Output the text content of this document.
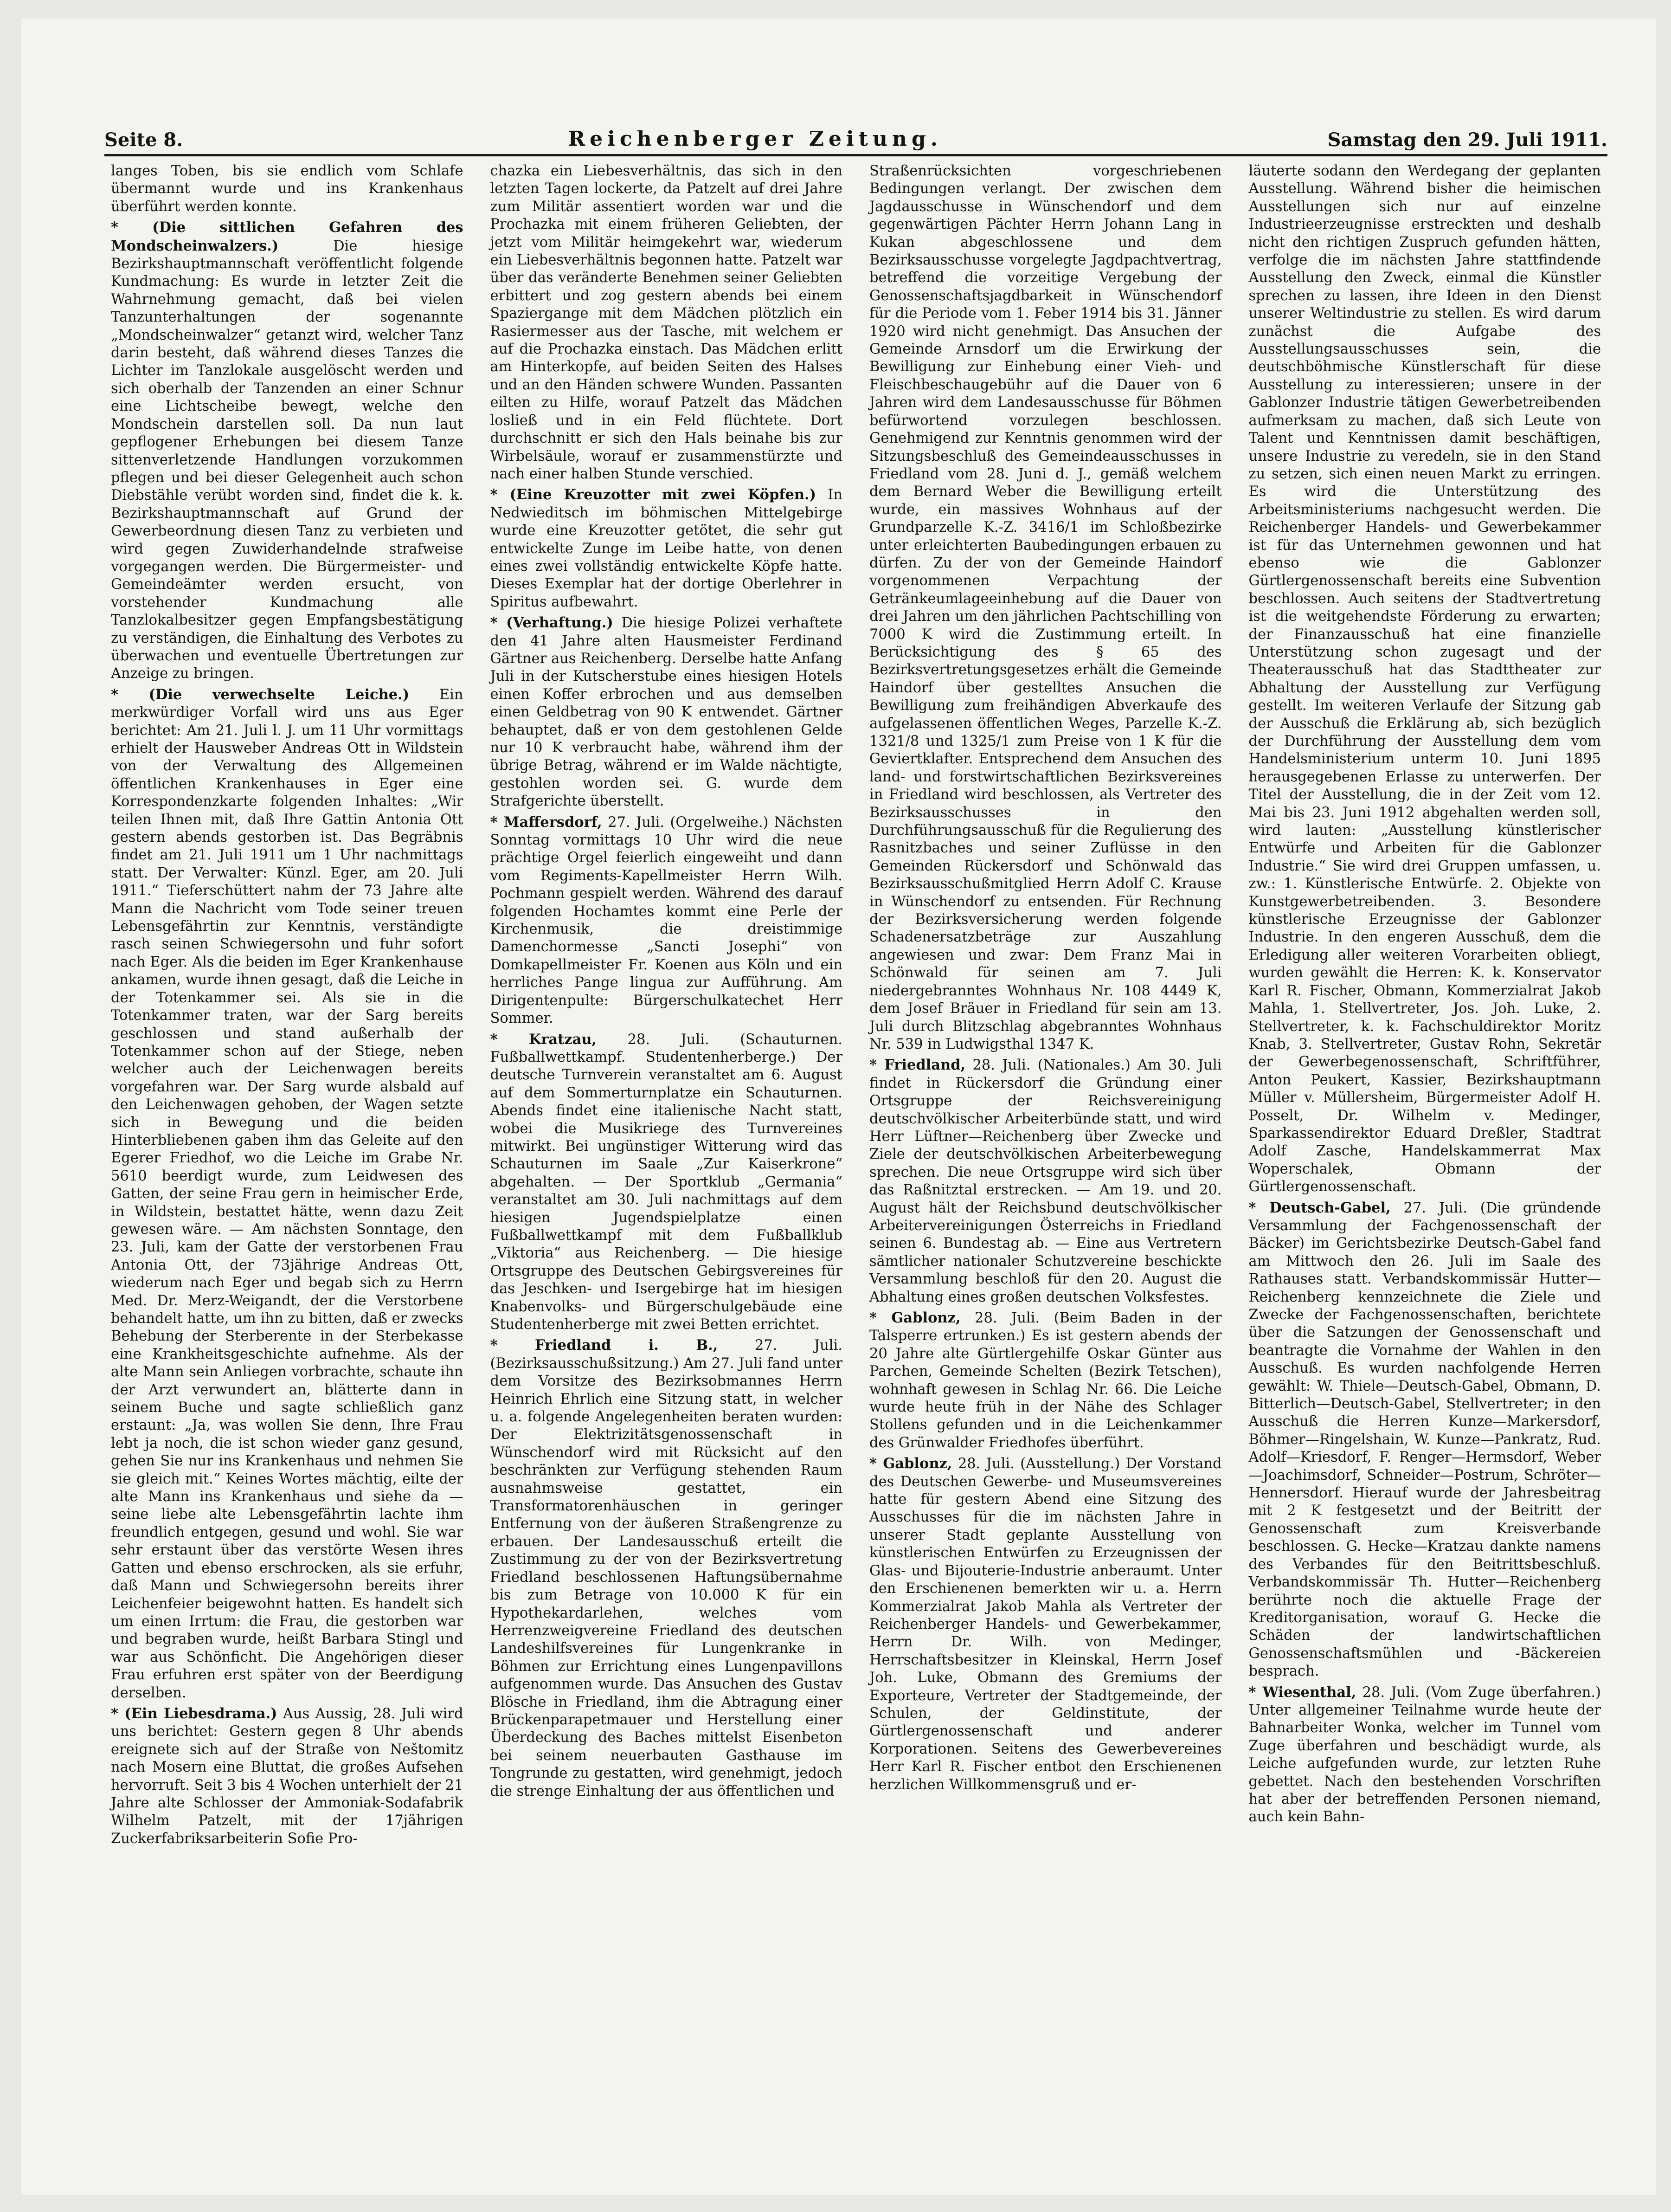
Seite 8.	Reichenberger Zeitung.	Samstag den 29. Juli 1911.

langes Toben, bis sie endlich vom Schlafe übermannt wurde und ins Krankenhaus überführt werden konnte.

* (Die sittlichen Gefahren des Mondscheinwalzers.)	Die hiesige Bezirkshauptmannschaft veröffentlicht folgende Kundmachung: Es wurde in letzter Zeit die Wahrnehmung gemacht, daß bei vielen Tanzunterhaltungen der sogenannte „Mondscheinwalzer“ getanzt wird, welcher Tanz darin besteht, daß während dieses Tanzes die Lichter im Tanzlokale ausgelöscht werden und sich oberhalb der Tanzenden an einer Schnur eine Lichtscheibe bewegt, welche den Mondschein darstellen soll. Da nun laut gepflogener Erhebungen bei diesem Tanze sittenverletzende Handlungen vorzukommen pflegen und bei dieser Gelegenheit auch schon Diebstähle verübt worden sind, findet die k. k. Bezirkshauptmannschaft auf Grund der Gewerbeordnung diesen Tanz zu verbieten und wird gegen Zuwiderhandelnde strafweise vorgegangen werden. Die Bürgermeister- und Gemeindeämter werden ersucht, von vorstehender Kundmachung alle Tanzlokalbesitzer gegen Empfangsbestätigung zu verständigen, die Einhaltung des Verbotes zu überwachen und eventuelle Übertretungen zur Anzeige zu bringen.

* (Die verwechselte Leiche.) Ein merkwürdiger Vorfall wird uns aus Eger berichtet: Am 21. Juli l. J. um 11 Uhr vormittags erhielt der Hausweber Andreas Ott in Wildstein von der Verwaltung des Allgemeinen öffentlichen Krankenhauses in Eger eine Korrespondenzkarte folgenden Inhaltes: „Wir teilen Ihnen mit, daß Ihre Gattin Antonia Ott gestern abends gestorben ist. Das Begräbnis findet am 21. Juli 1911 um 1 Uhr nachmittags statt. Der Verwalter: Künzl. Eger, am 20. Juli 1911.“ Tieferschüttert nahm der 73 Jahre alte Mann die Nachricht vom Tode seiner treuen Lebensgefährtin zur Kenntnis, verständigte rasch seinen Schwiegersohn und fuhr sofort nach Eger. Als die beiden im Eger Krankenhause ankamen, wurde ihnen gesagt, daß die Leiche in der Totenkammer sei. Als sie in die Totenkammer traten, war der Sarg bereits geschlossen und stand außerhalb der Totenkammer schon auf der Stiege, neben welcher auch der Leichenwagen bereits vorgefahren war. Der Sarg wurde alsbald auf den Leichenwagen gehoben, der Wagen setzte sich in Bewegung und die beiden Hinterbliebenen gaben ihm das Geleite auf den Egerer Friedhof, wo die Leiche im Grabe Nr. 5610 beerdigt wurde, zum Leidwesen des Gatten, der seine Frau gern in heimischer Erde, in Wildstein, bestattet hätte, wenn dazu Zeit gewesen wäre. — Am nächsten Sonntage, den 23. Juli, kam der Gatte der verstorbenen Frau Antonia Ott, der 73jährige Andreas Ott, wiederum nach Eger und begab sich zu Herrn Med. Dr. Merz-Weigandt, der die Verstorbene behandelt hatte, um ihn zu bitten, daß er zwecks Behebung der Sterberente in der Sterbekasse eine Krankheitsgeschichte aufnehme. Als der alte Mann sein Anliegen vorbrachte, schaute ihn der Arzt verwundert an, blätterte dann in seinem Buche und sagte schließlich ganz erstaunt: „Ja, was wollen Sie denn, Ihre Frau lebt ja noch, die ist schon wieder ganz gesund, gehen Sie nur ins Krankenhaus und nehmen Sie sie gleich mit.“ Keines Wortes mächtig, eilte der alte Mann ins Krankenhaus und siehe da — seine liebe alte Lebensgefährtin lachte ihm freundlich entgegen, gesund und wohl. Sie war sehr erstaunt über das verstörte Wesen ihres Gatten und ebenso erschrocken, als sie erfuhr, daß Mann und Schwiegersohn bereits ihrer Leichenfeier beigewohnt hatten. Es handelt sich um einen Irrtum: die Frau, die gestorben war und begraben wurde, heißt Barbara Stingl und war aus Schönficht. Die Angehörigen dieser Frau erfuhren erst später von der Beerdigung derselben.

* (Ein Liebesdrama.) Aus Aussig, 28. Juli wird uns berichtet: Gestern gegen 8 Uhr abends ereignete sich auf der Straße von Neštomitz nach Mosern eine Bluttat, die großes Aufsehen hervorruft. Seit 3 bis 4 Wochen unterhielt der 21 Jahre alte Schlosser der Ammoniak-Sodafabrik Wilhelm Patzelt, mit der 17jährigen Zuckerfabriksarbeiterin Sofie Pro-

chazka ein Liebesverhältnis, das sich in den letzten Tagen lockerte, da Patzelt auf drei Jahre zum Militär assentiert worden war und die Prochazka mit einem früheren Geliebten, der jetzt vom Militär heimgekehrt war, wiederum ein Liebesverhältnis begonnen hatte. Patzelt war über das veränderte Benehmen seiner Geliebten erbittert und zog gestern abends bei einem Spaziergange mit dem Mädchen plötzlich ein Rasiermesser aus der Tasche, mit welchem er auf die Prochazka einstach. Das Mädchen erlitt am Hinterkopfe, auf beiden Seiten des Halses und an den Händen schwere Wunden. Passanten eilten zu Hilfe, worauf Patzelt das Mädchen losließ und in ein Feld flüchtete. Dort durchschnitt er sich den Hals beinahe bis zur Wirbelsäule, worauf er zusammenstürzte und nach einer halben Stunde verschied.

* (Eine Kreuzotter mit zwei Köpfen.) In Nedwieditsch im böhmischen Mittelgebirge wurde eine Kreuzotter getötet, die sehr gut entwickelte Zunge im Leibe hatte, von denen eines zwei vollständig entwickelte Köpfe hatte. Dieses Exemplar hat der dortige Oberlehrer in Spiritus aufbewahrt.

* (Verhaftung.) Die hiesige Polizei verhaftete den 41 Jahre alten Hausmeister Ferdinand Gärtner aus Reichenberg. Derselbe hatte Anfang Juli in der Kutscherstube eines hiesigen Hotels einen Koffer erbrochen und aus demselben einen Geldbetrag von 90 K entwendet. Gärtner behauptet, daß er von dem gestohlenen Gelde nur 10 K verbraucht habe, während ihm der übrige Betrag, während er im Walde nächtigte, gestohlen worden sei. G. wurde dem Strafgerichte überstellt.

* Maffersdorf, 27. Juli. (Orgelweihe.) Nächsten Sonntag vormittags 10 Uhr wird die neue prächtige Orgel feierlich eingeweiht und dann vom Regiments-Kapellmeister Herrn Wilh. Pochmann gespielt werden. Während des darauf folgenden Hochamtes kommt eine Perle der Kirchenmusik, die dreistimmige Damenchormesse „Sancti Josephi“ von Domkapellmeister Fr. Koenen aus Köln und ein herrliches Pange lingua zur Aufführung. Am Dirigentenpulte: Bürgerschulkatechet Herr Sommer.

* Kratzau, 28. Juli. (Schauturnen. Fußballwettkampf. Studentenherberge.) Der deutsche Turnverein veranstaltet am 6. August auf dem Sommerturnplatze ein Schauturnen. Abends findet eine italienische Nacht statt, wobei die Musikriege des Turnvereines mitwirkt. Bei ungünstiger Witterung wird das Schauturnen im Saale „Zur Kaiserkrone“ abgehalten. — Der Sportklub „Germania“ veranstaltet am 30. Juli nachmittags auf dem hiesigen Jugendspielplatze einen Fußballwettkampf mit dem Fußballklub „Viktoria“ aus Reichenberg. — Die hiesige Ortsgruppe des Deutschen Gebirgsvereines für das Jeschken- und Isergebirge hat im hiesigen Knabenvolks- und Bürgerschulgebäude eine Studentenherberge mit zwei Betten errichtet.

* Friedland i. B.,	27. Juli. (Bezirksausschußsitzung.) Am 27. Juli fand unter dem Vorsitze des Bezirksobmannes Herrn Heinrich Ehrlich eine Sitzung statt, in welcher u. a. folgende Angelegenheiten beraten wurden: Der Elektrizitätsgenossenschaft in Wünschendorf wird mit Rücksicht auf den beschränkten zur Verfügung stehenden Raum ausnahmsweise gestattet, ein Transformatorenhäuschen in geringer Entfernung von der äußeren Straßengrenze zu erbauen. Der Landesausschuß erteilt die Zustimmung zu der von der Bezirksvertretung Friedland beschlossenen Haftungsübernahme bis zum Betrage von 10.000 K für ein Hypothekardarlehen, welches vom Herrenzweigvereine Friedland des deutschen Landeshilfsvereines für Lungenkranke in Böhmen zur Errichtung eines Lungenpavillons aufgenommen wurde. Das Ansuchen des Gustav Blösche in Friedland, ihm die Abtragung einer Brückenparapetmauer und Herstellung einer Überdeckung des Baches mittelst Eisenbeton bei seinem neuerbauten Gasthause im Tongrunde zu gestatten, wird genehmigt, jedoch die strenge Einhaltung der aus öffentlichen und

Straßenrücksichten vorgeschriebenen Bedingungen verlangt. Der zwischen dem Jagdausschusse in Wünschendorf und dem gegenwärtigen Pächter Herrn Johann Lang in Kukan abgeschlossene und dem Bezirksausschusse vorgelegte Jagdpachtvertrag, betreffend die vorzeitige Vergebung der Genossenschaftsjagdbarkeit in Wünschendorf für die Periode vom 1. Feber 1914 bis 31. Jänner 1920 wird nicht genehmigt. Das Ansuchen der Gemeinde Arnsdorf um die Erwirkung der Bewilligung zur Einhebung einer Vieh- und Fleischbeschaugebühr auf die Dauer von 6 Jahren wird dem Landesausschusse für Böhmen befürwortend vorzulegen beschlossen. Genehmigend zur Kenntnis genommen wird der Sitzungsbeschluß des Gemeindeausschusses in Friedland vom 28. Juni d. J., gemäß welchem dem Bernard Weber die Bewilligung erteilt wurde, ein massives Wohnhaus auf der Grundparzelle K.-Z. 3416/1 im Schloßbezirke unter erleichterten Baubedingungen erbauen zu dürfen. Zu der von der Gemeinde Haindorf vorgenommenen Verpachtung der Getränkeumlageeinhebung auf die Dauer von drei Jahren um den jährlichen Pachtschilling von 7000 K wird die Zustimmung erteilt. In Berücksichtigung des § 65 des Bezirksvertretungsgesetzes erhält die Gemeinde Haindorf über gestelltes Ansuchen die Bewilligung zum freihändigen Abverkaufe des aufgelassenen öffentlichen Weges, Parzelle K.-Z. 1321/8 und 1325/1 zum Preise von 1 K für die Geviertklafter. Entsprechend dem Ansuchen des land- und forstwirtschaftlichen Bezirksvereines in Friedland wird beschlossen, als Vertreter des Bezirksausschusses in den Durchführungsausschuß für die Regulierung des Rasnitzbaches und seiner Zuflüsse in den Gemeinden Rückersdorf und Schönwald das Bezirksausschußmitglied Herrn Adolf C. Krause in Wünschendorf zu entsenden. Für Rechnung der Bezirksversicherung werden folgende Schadenersatzbeträge zur Auszahlung angewiesen und zwar: Dem Franz Mai in Schönwald für seinen am 7. Juli niedergebranntes Wohnhaus Nr. 108 4449 K, dem Josef Bräuer in Friedland für sein am 13. Juli durch Blitzschlag abgebranntes Wohnhaus Nr. 539 in Ludwigsthal 1347 K.

* Friedland, 28. Juli. (Nationales.) Am 30. Juli findet in Rückersdorf die Gründung einer Ortsgruppe der Reichsvereinigung deutschvölkischer Arbeiterbünde statt, und wird Herr Lüftner—Reichenberg über Zwecke und Ziele der deutschvölkischen Arbeiterbewegung sprechen. Die neue Ortsgruppe wird sich über das Raßnitztal erstrecken. — Am 19. und 20. August hält der Reichsbund deutschvölkischer Arbeitervereinigungen Österreichs in Friedland seinen 6. Bundestag ab. — Eine aus Vertretern sämtlicher nationaler Schutzvereine beschickte Versammlung beschloß für den 20. August die Abhaltung eines großen deutschen Volksfestes.

* Gablonz, 28. Juli. (Beim Baden in der Talsperre ertrunken.) Es ist gestern abends der 20 Jahre alte Gürtlergehilfe Oskar Günter aus Parchen, Gemeinde Schelten (Bezirk Tetschen), wohnhaft gewesen in Schlag Nr. 66. Die Leiche wurde heute früh in der Nähe des Schlager Stollens gefunden und in die Leichenkammer des Grünwalder Friedhofes überführt.

* Gablonz, 28. Juli. (Ausstellung.) Der Vorstand des Deutschen Gewerbe- und Museumsvereines hatte für gestern Abend eine Sitzung des Ausschusses für die im nächsten Jahre in unserer Stadt geplante Ausstellung von künstlerischen Entwürfen zu Erzeugnissen der Glas- und Bijouterie-Industrie anberaumt. Unter den Erschienenen bemerkten wir u. a. Herrn Kommerzialrat Jakob Mahla als Vertreter der Reichenberger Handels- und Gewerbekammer, Herrn Dr. Wilh. von Medinger, Herrschaftsbesitzer in Kleinskal, Herrn Josef Joh. Luke, Obmann des Gremiums der Exporteure, Vertreter der Stadtgemeinde, der Schulen, der Geldinstitute, der Gürtlergenossenschaft und anderer Korporationen. Seitens des Gewerbevereines Herr Karl R. Fischer entbot den Erschienenen herzlichen Willkommensgruß und er-

läuterte sodann den Werdegang der geplanten Ausstellung. Während bisher die heimischen Ausstellungen sich nur auf einzelne Industrieerzeugnisse erstreckten und deshalb nicht den richtigen Zuspruch gefunden hätten, verfolge die im nächsten Jahre stattfindende Ausstellung den Zweck, einmal die Künstler sprechen zu lassen, ihre Ideen in den Dienst unserer Weltindustrie zu stellen. Es wird darum zunächst die Aufgabe des Ausstellungsausschusses sein, die deutschböhmische Künstlerschaft für diese Ausstellung zu interessieren; unsere in der Gablonzer Industrie tätigen Gewerbetreibenden aufmerksam zu machen, daß sich Leute von Talent und Kenntnissen damit beschäftigen, unsere Industrie zu veredeln, sie in den Stand zu setzen, sich einen neuen Markt zu erringen. Es wird die Unterstützung des Arbeitsministeriums nachgesucht werden. Die Reichenberger Handels- und Gewerbekammer ist für das Unternehmen gewonnen und hat ebenso wie die Gablonzer Gürtlergenossenschaft bereits eine Subvention beschlossen. Auch seitens der Stadtvertretung ist die weitgehendste Förderung zu erwarten; der Finanzausschuß hat eine finanzielle Unterstützung schon zugesagt und der Theaterausschuß hat das Stadttheater zur Abhaltung der Ausstellung zur Verfügung gestellt. Im weiteren Verlaufe der Sitzung gab der Ausschuß die Erklärung ab, sich bezüglich der Durchführung der Ausstellung dem vom Handelsministerium unterm 10. Juni 1895 herausgegebenen Erlasse zu unterwerfen. Der Titel der Ausstellung, die in der Zeit vom 12. Mai bis 23. Juni 1912 abgehalten werden soll, wird lauten: „Ausstellung künstlerischer Entwürfe und Arbeiten für die Gablonzer Industrie.“ Sie wird drei Gruppen umfassen, u. zw.: 1. Künstlerische Entwürfe. 2. Objekte von Kunstgewerbetreibenden. 3. Besondere künstlerische Erzeugnisse der Gablonzer Industrie. In den engeren Ausschuß, dem die Erledigung aller weiteren Vorarbeiten obliegt, wurden gewählt die Herren: K. k. Konservator Karl R. Fischer, Obmann, Kommerzialrat Jakob Mahla, 1. Stellvertreter, Jos. Joh. Luke, 2. Stellvertreter, k. k. Fachschuldirektor Moritz Knab, 3. Stellvertreter, Gustav Rohn, Sekretär der Gewerbegenossenschaft, Schriftführer, Anton Peukert, Kassier, Bezirkshauptmann Müller v. Müllersheim, Bürgermeister Adolf H. Posselt, Dr. Wilhelm v. Medinger, Sparkassendirektor Eduard Dreßler, Stadtrat Adolf Zasche, Handelskammerrat Max Woperschalek, Obmann der Gürtlergenossenschaft.

* Deutsch-Gabel, 27. Juli. (Die gründende Versammlung der Fachgenossenschaft der Bäcker) im Gerichtsbezirke Deutsch-Gabel fand am Mittwoch den 26. Juli im Saale des Rathauses statt. Verbandskommissär Hutter—Reichenberg kennzeichnete die Ziele und Zwecke der Fachgenossenschaften, berichtete über die Satzungen der Genossenschaft und beantragte die Vornahme der Wahlen in den Ausschuß. Es wurden nachfolgende Herren gewählt: W. Thiele—Deutsch-Gabel, Obmann, D. Bitterlich—Deutsch-Gabel, Stellvertreter; in den Ausschuß die Herren Kunze—Markersdorf, Böhmer—Ringelshain, W. Kunze—Pankratz, Rud. Adolf—Kriesdorf, F. Renger—Hermsdorf, Weber—Joachimsdorf, Schneider—Postrum, Schröter—Hennersdorf. Hierauf wurde der Jahresbeitrag mit 2 K festgesetzt und der Beitritt der Genossenschaft zum Kreisverbande beschlossen. G. Hecke—Kratzau dankte namens des Verbandes für den Beitrittsbeschluß. Verbandskommissär Th. Hutter—Reichenberg berührte noch die aktuelle Frage der Kreditorganisation, worauf G. Hecke die Schäden der landwirtschaftlichen Genossenschaftsmühlen und -Bäckereien besprach.

* Wiesenthal, 28. Juli. (Vom Zuge überfahren.) Unter allgemeiner Teilnahme wurde heute der Bahnarbeiter Wonka, welcher im Tunnel vom Zuge überfahren und beschädigt wurde, als Leiche aufgefunden wurde, zur letzten Ruhe gebettet. Nach den bestehenden Vorschriften hat aber der betreffenden Personen niemand, auch kein Bahn-
